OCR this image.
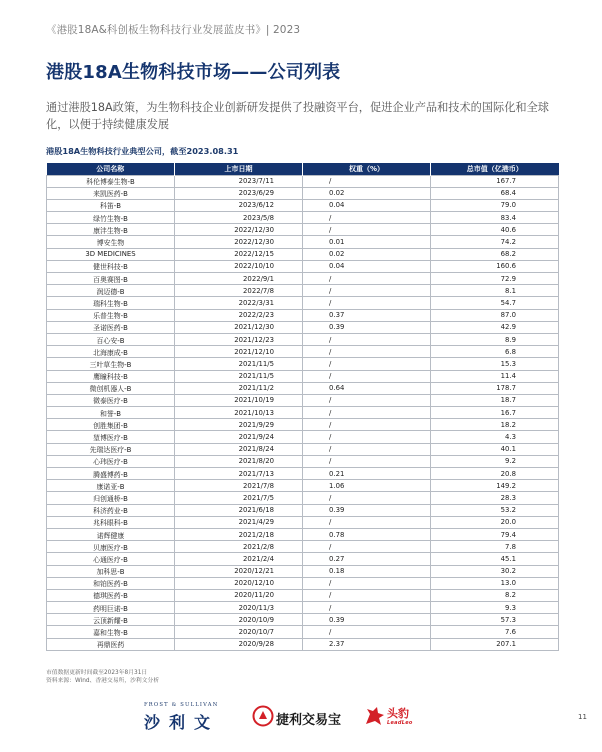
《港股18A&科创板生物科技行业发展蓝皮书》| 2023
港股18A生物科技市场——公司列表

通过港股18A政策，为生物科技企业创新研发提供了投融资平台，促进企业产品和技术的国际化和全球化，以便于持续健康发展

港股18A生物科技行业典型公司，截至2023.08.31
公司名称	上市日期	权重（%）	总市值（亿港币）
科伦博泰生物-B	2023/7/11	/	167.7
来凯医药-B	2023/6/29	0.02	68.4
科笛-B	2023/6/12	0.04	79.0
绿竹生物-B	2023/5/8	/	83.4
康沣生物-B	2022/12/30	/	40.6
博安生物	2022/12/30	0.01	74.2
3D MEDICINES	2022/12/15	0.02	68.2
健世科技-B	2022/10/10	0.04	160.6
百奥赛图-B	2022/9/1	/	72.9
润迈德-B	2022/7/8	/	8.1
瑞科生物-B	2022/3/31	/	54.7
乐普生物-B	2022/2/23	0.37	87.0
圣诺医药-B	2021/12/30	0.39	42.9
百心安-B	2021/12/23	/	8.9
北海康成-B	2021/12/10	/	6.8
三叶草生物-B	2021/11/5	/	15.3
鹰瞳科技-B	2021/11/5	/	11.4
微创机器人-B	2021/11/2	0.64	178.7
微泰医疗-B	2021/10/19	/	18.7
和誉-B	2021/10/13	/	16.7
创胜集团-B	2021/9/29	/	18.2
堃博医疗-B	2021/9/24	/	4.3
先瑞达医疗-B	2021/8/24	/	40.1
心玮医疗-B	2021/8/20	/	9.2
腾盛博药-B	2021/7/13	0.21	20.8
康诺亚-B	2021/7/8	1.06	149.2
归创通桥-B	2021/7/5	/	28.3
科济药业-B	2021/6/18	0.39	53.2
兆科眼科-B	2021/4/29	/	20.0
诺辉健康	2021/2/18	0.78	79.4
贝康医疗-B	2021/2/8	/	7.8
心通医疗-B	2021/2/4	0.27	45.1
加科思-B	2020/12/21	0.18	30.2
和铂医药-B	2020/12/10	/	13.0
德琪医药-B	2020/11/20	/	8.2
药明巨诺-B	2020/11/3	/	9.3
云顶新耀-B	2020/10/9	0.39	57.3
嘉和生物-B	2020/10/7	/	7.6
再鼎医药	2020/9/28	2.37	207.1
市值数据更新时间截至2023年8月31日
资料来源：Wind、香港交易所，沙利文分析
FROST & SULLIVAN
沙利文	捷利交易宝	头豹
LeadLeo
11
